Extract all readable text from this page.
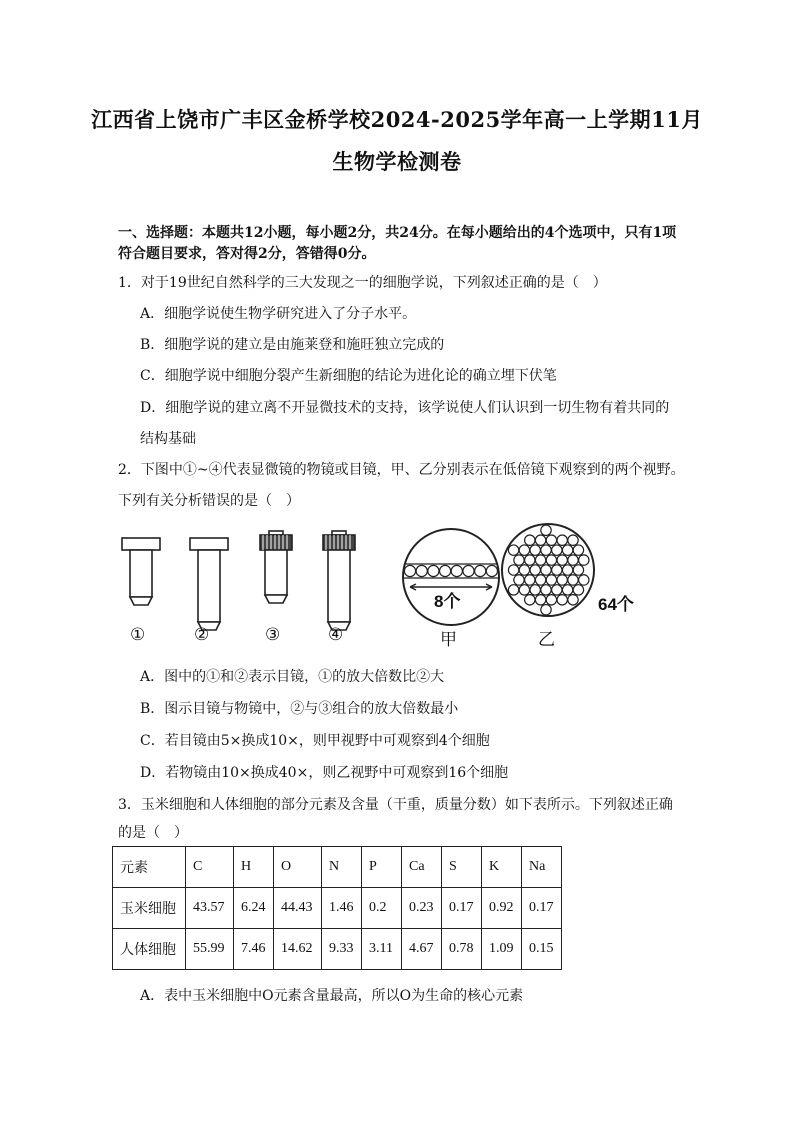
江西省上饶市广丰区金桥学校2024-2025学年高一上学期11月
生物学检测卷
一、选择题：本题共12小题，每小题2分，共24分。在每小题给出的4个选项中，只有1项符合题目要求，答对得2分，答错得0分。
1．对于19世纪自然科学的三大发现之一的细胞学说，下列叙述正确的是（　）
A．细胞学说使生物学研究进入了分子水平。
B．细胞学说的建立是由施莱登和施旺独立完成的
C．细胞学说中细胞分裂产生新细胞的结论为进化论的确立埋下伏笔
D．细胞学说的建立离不开显微技术的支持，该学说使人们认识到一切生物有着共同的
结构基础
2．下图中①~④代表显微镜的物镜或目镜，甲、乙分别表示在低倍镜下观察到的两个视野。
下列有关分析错误的是（　）
①	②	③	④
8个
甲
64个
乙
A．图中的①和②表示目镜，①的放大倍数比②大
B．图示目镜与物镜中，②与③组合的放大倍数最小
C．若目镜由5×换成10×，则甲视野中可观察到4个细胞
D．若物镜由10×换成40×，则乙视野中可观察到16个细胞
3．玉米细胞和人体细胞的部分元素及含量（干重，质量分数）如下表所示。下列叙述正确
的是（　）
元素	C	H	O	N	P	Ca	S	K	Na
玉米细胞	43.57	6.24	44.43	1.46	0.2	0.23	0.17	0.92	0.17
人体细胞	55.99	7.46	14.62	9.33	3.11	4.67	0.78	1.09	0.15
A．表中玉米细胞中O元素含量最高，所以O为生命的核心元素
